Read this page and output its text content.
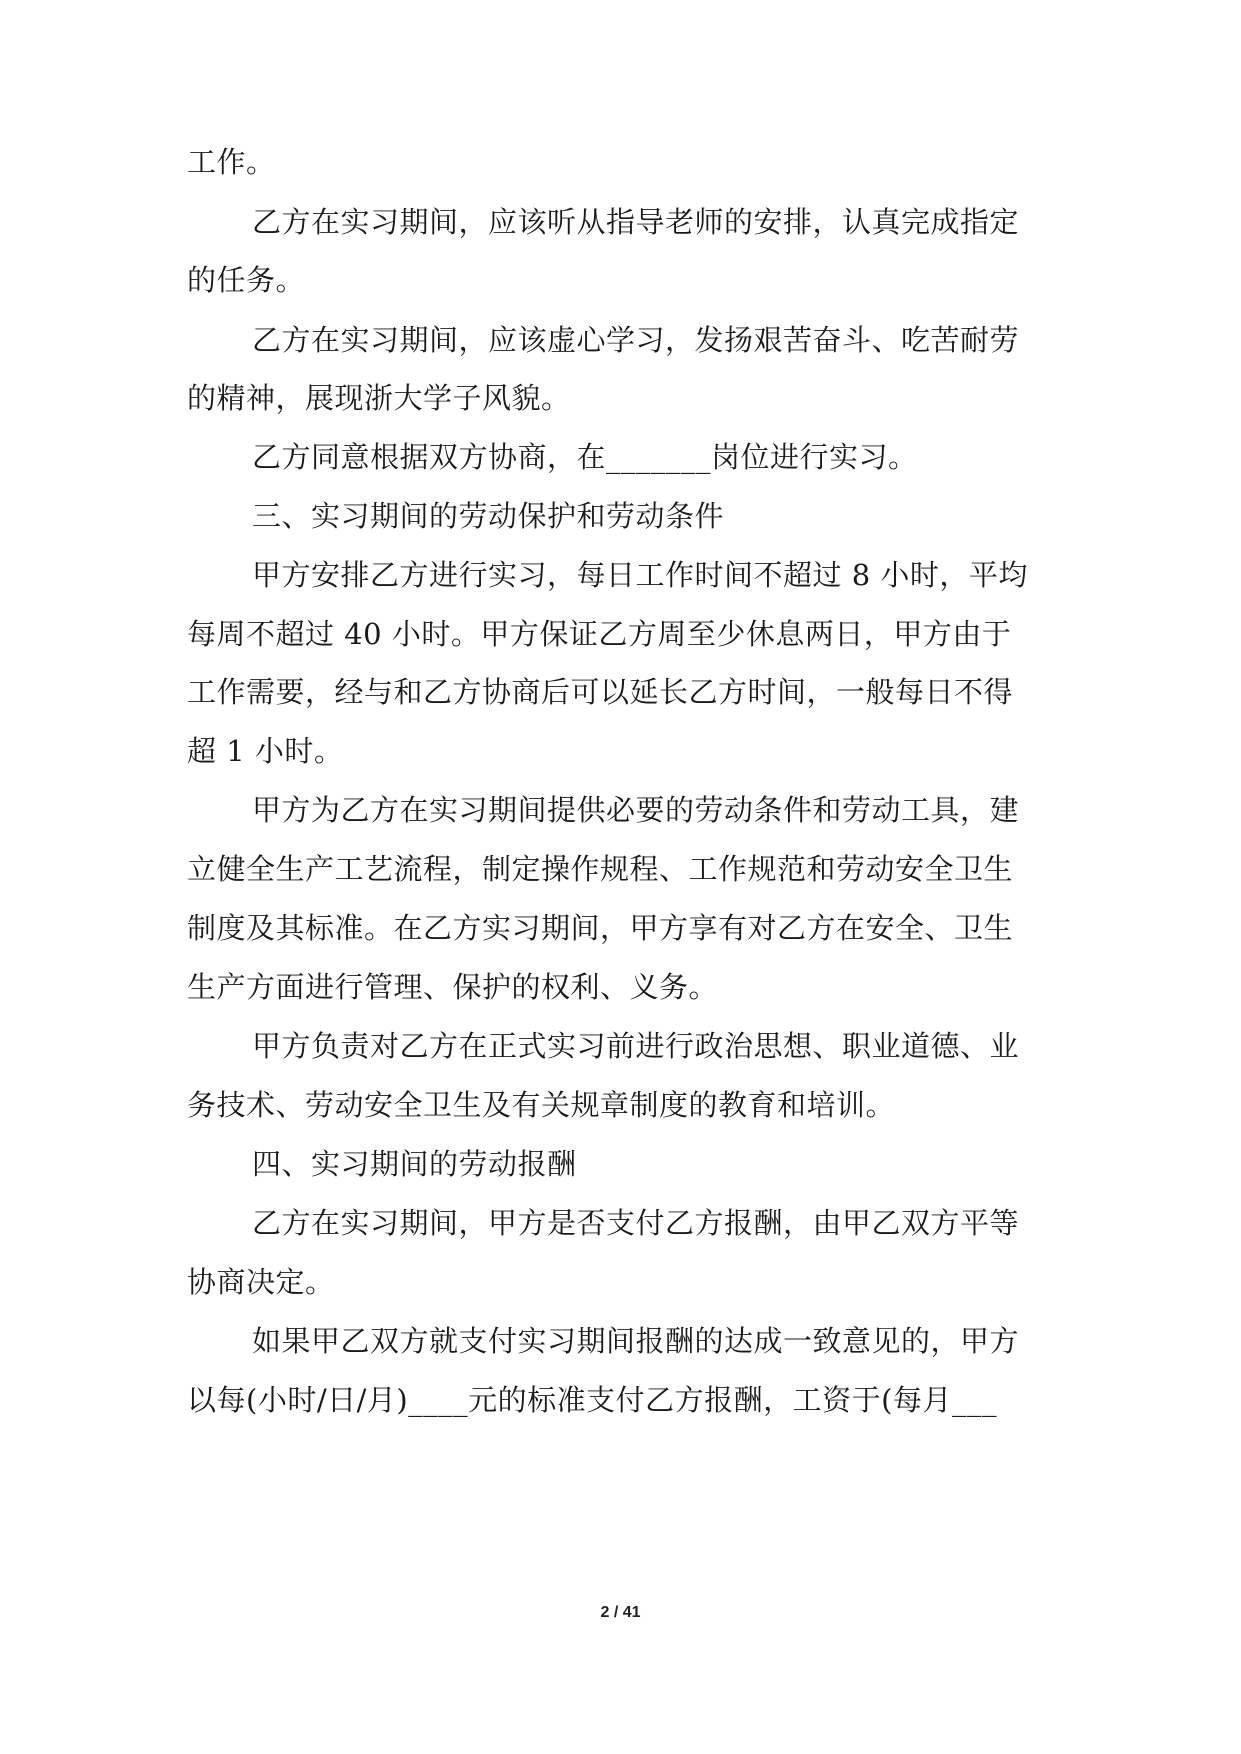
工作。
乙方在实习期间，应该听从指导老师的安排，认真完成指定
的任务。
乙方在实习期间，应该虚心学习，发扬艰苦奋斗、吃苦耐劳
的精神，展现浙大学子风貌。
乙方同意根据双方协商，在_______岗位进行实习。
三、实习期间的劳动保护和劳动条件
甲方安排乙方进行实习，每日工作时间不超过 8 小时，平均
每周不超过 40 小时。甲方保证乙方周至少休息两日，甲方由于
工作需要，经与和乙方协商后可以延长乙方时间，一般每日不得
超 1 小时。
甲方为乙方在实习期间提供必要的劳动条件和劳动工具，建
立健全生产工艺流程，制定操作规程、工作规范和劳动安全卫生
制度及其标准。在乙方实习期间，甲方享有对乙方在安全、卫生
生产方面进行管理、保护的权利、义务。
甲方负责对乙方在正式实习前进行政治思想、职业道德、业
务技术、劳动安全卫生及有关规章制度的教育和培训。
四、实习期间的劳动报酬
乙方在实习期间，甲方是否支付乙方报酬，由甲乙双方平等
协商决定。
如果甲乙双方就支付实习期间报酬的达成一致意见的，甲方
以每(小时/日/月)____元的标准支付乙方报酬，工资于(每月___
2 / 41
